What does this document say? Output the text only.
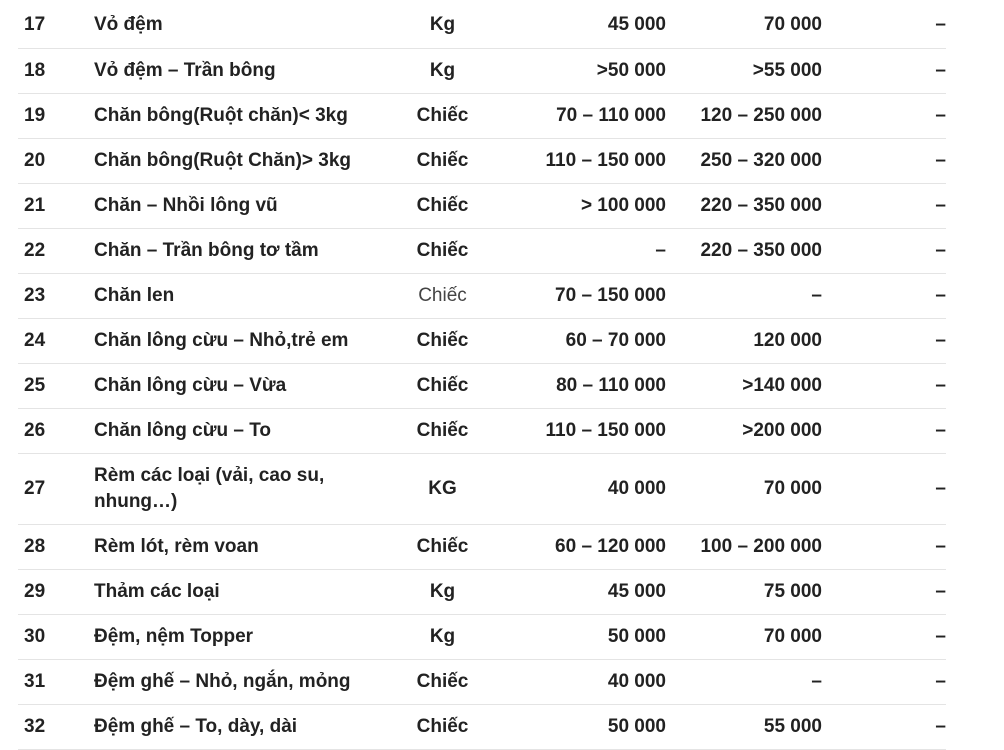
17	Vỏ đệm	Kg	45 000	70 000	–
18	Vỏ đệm – Trần bông	Kg	>50 000	>55 000	–
19	Chăn bông(Ruột chăn)< 3kg	Chiếc	70 – 110 000	120 – 250 000	–
20	Chăn bông(Ruột Chăn)> 3kg	Chiếc	110 – 150 000	250 – 320 000	–
21	Chăn – Nhồi lông vũ	Chiếc	> 100 000	220 – 350 000	–
22	Chăn – Trần bông tơ tầm	Chiếc	–	220 – 350 000	–
23	Chăn len	Chiếc	70 – 150 000	–	–
24	Chăn lông cừu – Nhỏ,trẻ em	Chiếc	60 – 70 000	120 000	–
25	Chăn lông cừu – Vừa	Chiếc	80 – 110 000	>140 000	–
26	Chăn lông cừu – To	Chiếc	110 – 150 000	>200 000	–
27	Rèm các loại (vải, cao su, nhung…)	KG	40 000	70 000	–
28	Rèm lót, rèm voan	Chiếc	60 – 120 000	100 – 200 000	–
29	Thảm các loại	Kg	45 000	75 000	–
30	Đệm, nệm Topper	Kg	50 000	70 000	–
31	Đệm ghế – Nhỏ, ngắn, mỏng	Chiếc	40 000	–	–
32	Đệm ghế – To, dày, dài	Chiếc	50 000	55 000	–
